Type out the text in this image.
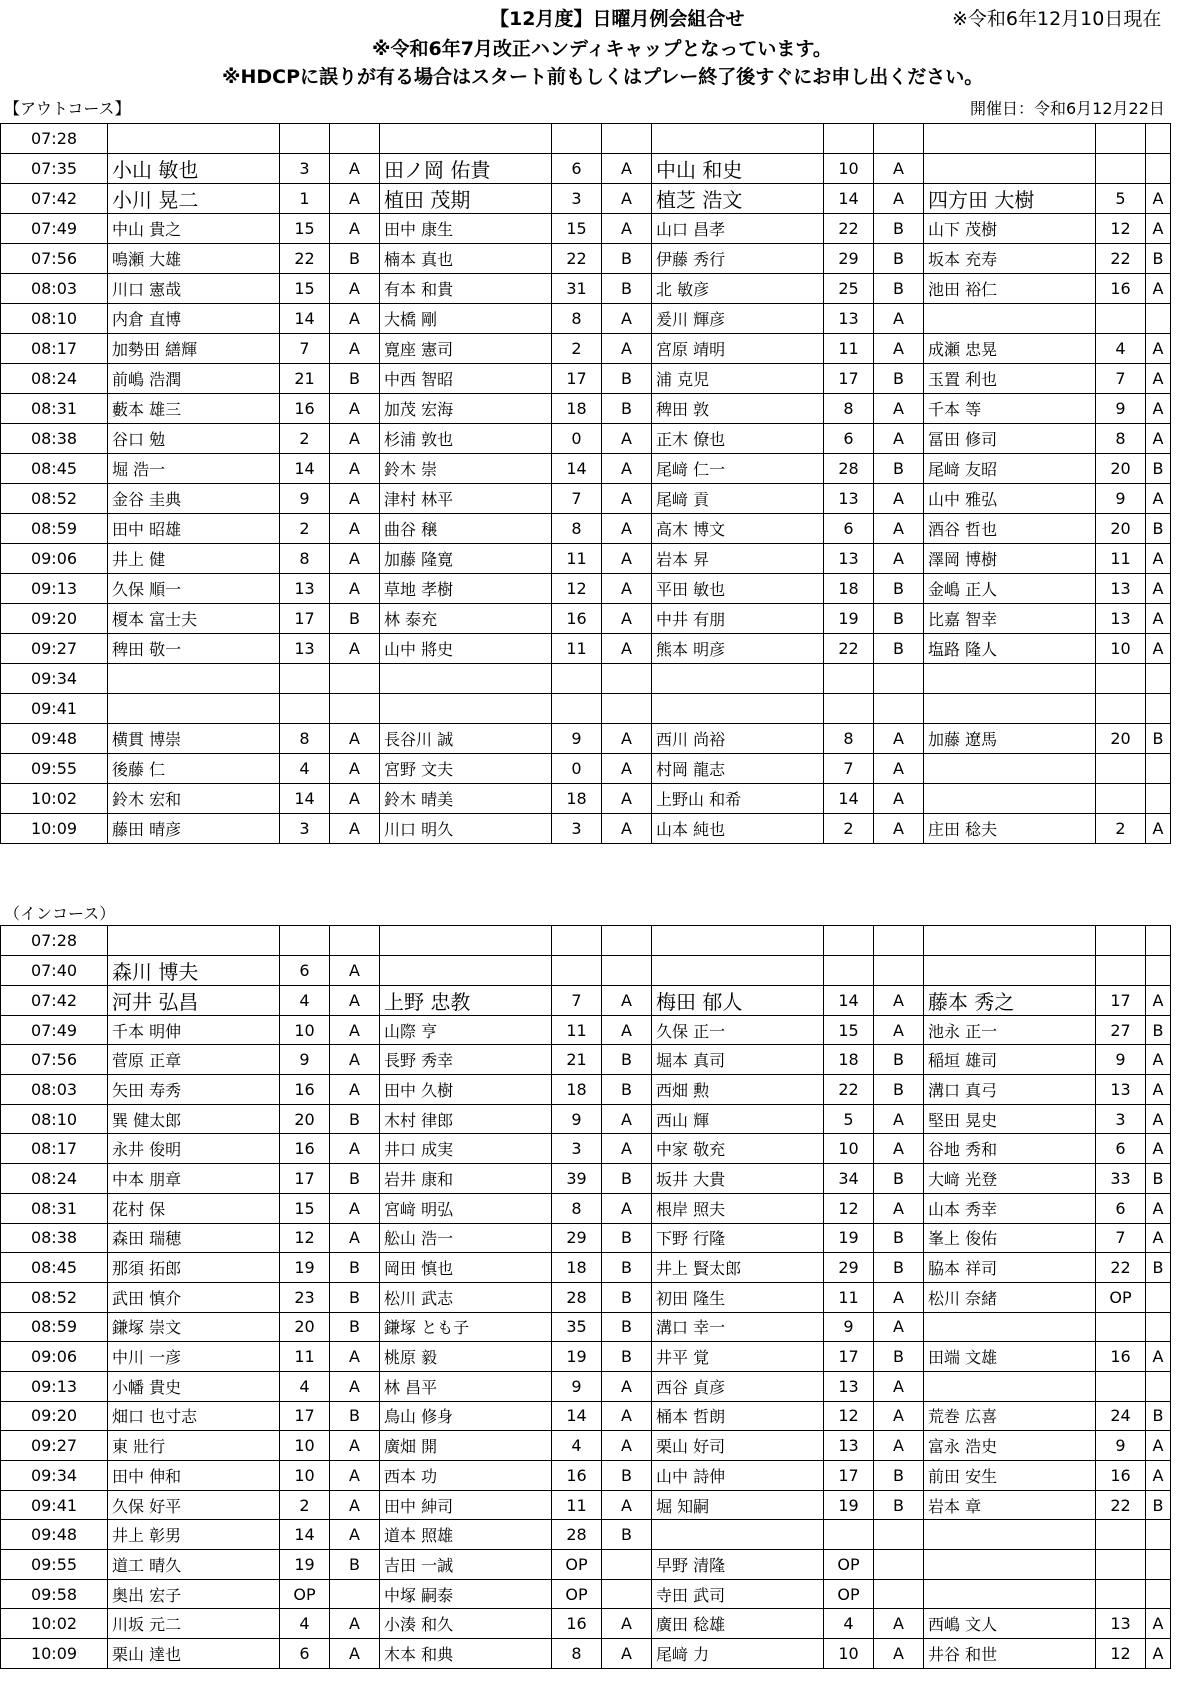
【12月度】日曜月例会組合せ	※令和6年12月10日現在
※令和6年7月改正ハンディキャップとなっています。
※HDCPに誤りが有る場合はスタート前もしくはプレー終了後すぐにお申し出ください。
【アウトコース】	開催日：令和6月12月22日
07:28												
07:35	小山 敏也	3	A	田ノ岡 佑貴	6	A	中山 和史	10	A			
07:42	小川 晃二	1	A	植田 茂期	3	A	植芝 浩文	14	A	四方田 大樹	5	A
07:49	中山 貴之	15	A	田中 康生	15	A	山口 昌孝	22	B	山下 茂樹	12	A
07:56	鳴瀬 大雄	22	B	楠本 真也	22	B	伊藤 秀行	29	B	坂本 充寿	22	B
08:03	川口 憲哉	15	A	有本 和貴	31	B	北 敏彦	25	B	池田 裕仁	16	A
08:10	内倉 直博	14	A	大橋 剛	8	A	爰川 輝彦	13	A			
08:17	加勢田 繕輝	7	A	寛座 憲司	2	A	宮原 靖明	11	A	成瀬 忠晃	4	A
08:24	前嶋 浩潤	21	B	中西 智昭	17	B	浦 克児	17	B	玉置 利也	7	A
08:31	藪本 雄三	16	A	加茂 宏海	18	B	稗田 敦	8	A	千本 等	9	A
08:38	谷口 勉	2	A	杉浦 敦也	0	A	正木 僚也	6	A	冨田 修司	8	A
08:45	堀 浩一	14	A	鈴木 崇	14	A	尾﨑 仁一	28	B	尾﨑 友昭	20	B
08:52	金谷 圭典	9	A	津村 林平	7	A	尾﨑 貢	13	A	山中 雅弘	9	A
08:59	田中 昭雄	2	A	曲谷 穣	8	A	高木 博文	6	A	酒谷 哲也	20	B
09:06	井上 健	8	A	加藤 隆寛	11	A	岩本 昇	13	A	澤岡 博樹	11	A
09:13	久保 順一	13	A	草地 孝樹	12	A	平田 敏也	18	B	金嶋 正人	13	A
09:20	榎本 富士夫	17	B	林 泰充	16	A	中井 有朋	19	B	比嘉 智幸	13	A
09:27	稗田 敬一	13	A	山中 將史	11	A	熊本 明彦	22	B	塩路 隆人	10	A
09:34												
09:41												
09:48	横貫 博崇	8	A	長谷川 誠	9	A	西川 尚裕	8	A	加藤 遼馬	20	B
09:55	後藤 仁	4	A	宮野 文夫	0	A	村岡 龍志	7	A			
10:02	鈴木 宏和	14	A	鈴木 晴美	18	A	上野山 和希	14	A			
10:09	藤田 晴彦	3	A	川口 明久	3	A	山本 純也	2	A	庄田 稔夫	2	A
（インコース）
07:28												
07:40	森川 博夫	6	A									
07:42	河井 弘昌	4	A	上野 忠教	7	A	梅田 郁人	14	A	藤本 秀之	17	A
07:49	千本 明伸	10	A	山際 亨	11	A	久保 正一	15	A	池永 正一	27	B
07:56	菅原 正章	9	A	長野 秀幸	21	B	堀本 真司	18	B	稲垣 雄司	9	A
08:03	矢田 寿秀	16	A	田中 久樹	18	B	西畑 勲	22	B	溝口 真弓	13	A
08:10	巽 健太郎	20	B	木村 律郎	9	A	西山 輝	5	A	堅田 晃史	3	A
08:17	永井 俊明	16	A	井口 成実	3	A	中家 敬充	10	A	谷地 秀和	6	A
08:24	中本 朋章	17	B	岩井 康和	39	B	坂井 大貴	34	B	大﨑 光登	33	B
08:31	花村 保	15	A	宮﨑 明弘	8	A	根岸 照夫	12	A	山本 秀幸	6	A
08:38	森田 瑞穂	12	A	舩山 浩一	29	B	下野 行隆	19	B	峯上 俊佑	7	A
08:45	那須 拓郎	19	B	岡田 慎也	18	B	井上 賢太郎	29	B	脇本 祥司	22	B
08:52	武田 慎介	23	B	松川 武志	28	B	初田 隆生	11	A	松川 奈緒	OP	
08:59	鎌塚 崇文	20	B	鎌塚 とも子	35	B	溝口 幸一	9	A			
09:06	中川 一彦	11	A	桃原 毅	19	B	井平 覚	17	B	田端 文雄	16	A
09:13	小幡 貴史	4	A	林 昌平	9	A	西谷 貞彦	13	A			
09:20	畑口 也寸志	17	B	鳥山 修身	14	A	桶本 哲朗	12	A	荒巻 広喜	24	B
09:27	東 壯行	10	A	廣畑 開	4	A	栗山 好司	13	A	富永 浩史	9	A
09:34	田中 伸和	10	A	西本 功	16	B	山中 詩伸	17	B	前田 安生	16	A
09:41	久保 好平	2	A	田中 紳司	11	A	堀 知嗣	19	B	岩本 章	22	B
09:48	井上 彰男	14	A	道本 照雄	28	B						
09:55	道工 晴久	19	B	吉田 一誠	OP		早野 清隆	OP				
09:58	奥出 宏子	OP		中塚 嗣泰	OP		寺田 武司	OP				
10:02	川坂 元二	4	A	小湊 和久	16	A	廣田 稔雄	4	A	西嶋 文人	13	A
10:09	栗山 達也	6	A	木本 和典	8	A	尾﨑 力	10	A	井谷 和世	12	A
